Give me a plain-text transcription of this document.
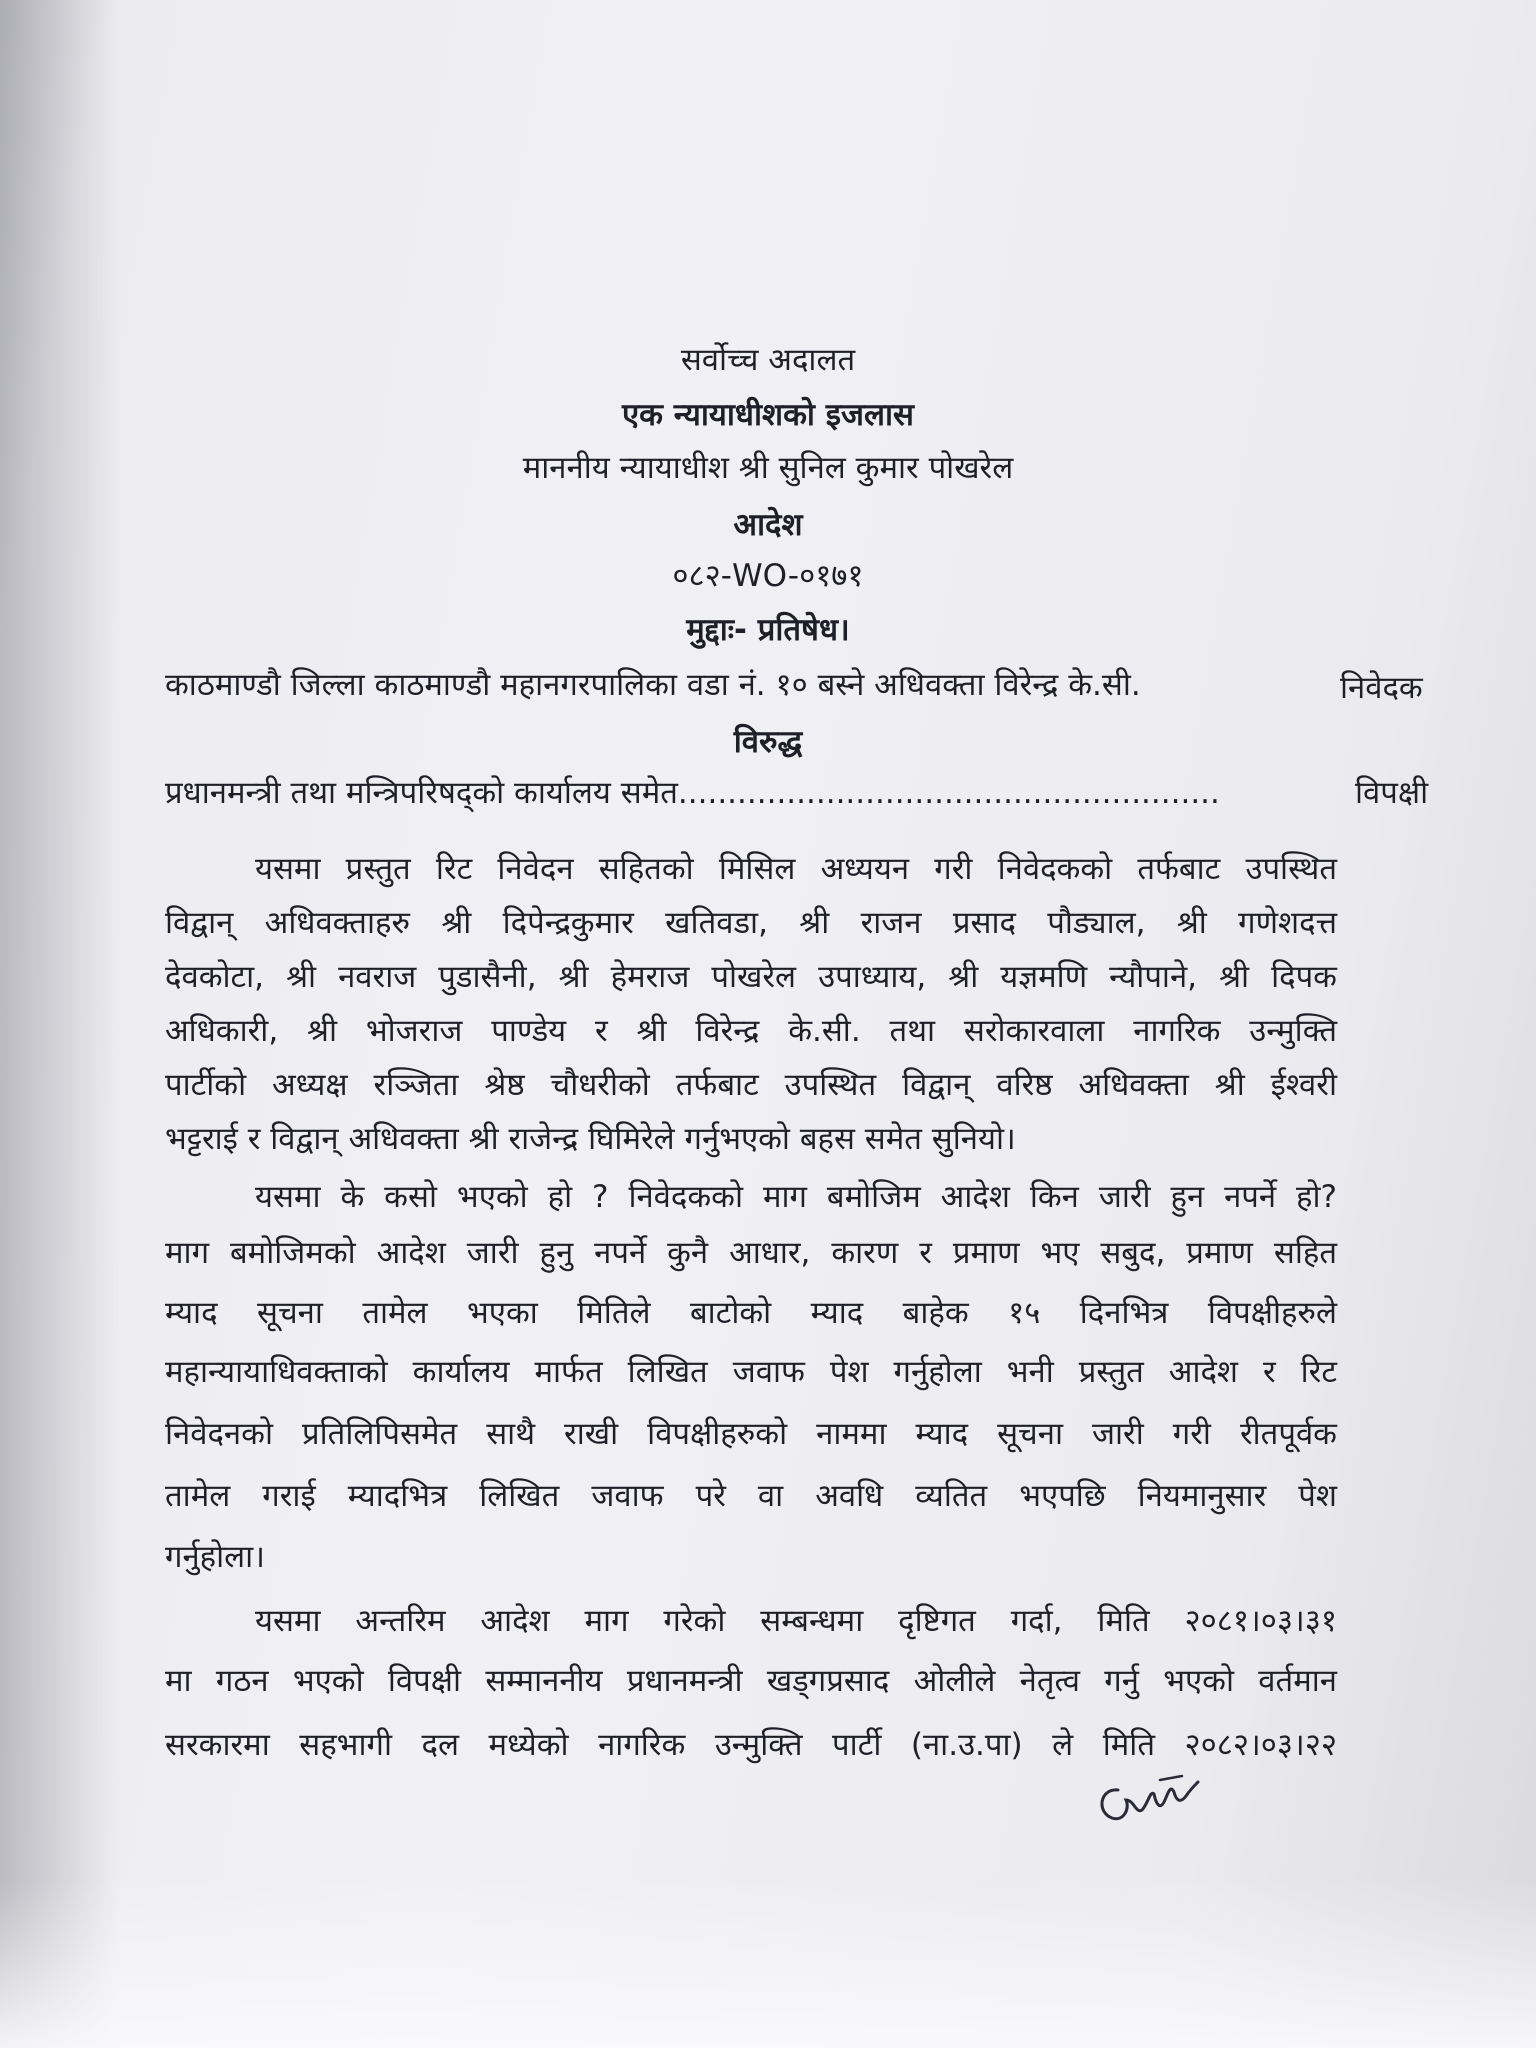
सर्वोच्च अदालत
एक न्यायाधीशको इजलास
माननीय न्यायाधीश श्री सुनिल कुमार पोखरेल
आदेश
०८२-WO-०१७१
मुद्दाः- प्रतिषेध।
काठमाण्डौ जिल्ला काठमाण्डौ महानगरपालिका वडा नं. १० बस्ने अधिवक्ता विरेन्द्र के.सी.	निवेदक
विरुद्ध
प्रधानमन्त्री तथा मन्त्रिपरिषद्को कार्यालय समेत.......................................................	विपक्षी
यसमा प्रस्तुत रिट निवेदन सहितको मिसिल अध्ययन गरी निवेदकको तर्फबाट उपस्थित
विद्वान् अधिवक्ताहरु श्री दिपेन्द्रकुमार खतिवडा, श्री राजन प्रसाद पौड्याल, श्री गणेशदत्त
देवकोटा, श्री नवराज पुडासैनी, श्री हेमराज पोखरेल उपाध्याय, श्री यज्ञमणि न्यौपाने, श्री दिपक
अधिकारी, श्री भोजराज पाण्डेय र श्री विरेन्द्र के.सी. तथा सरोकारवाला नागरिक उन्मुक्ति
पार्टीको अध्यक्ष रञ्जिता श्रेष्ठ चौधरीको तर्फबाट उपस्थित विद्वान् वरिष्ठ अधिवक्ता श्री ईश्वरी
भट्टराई र विद्वान् अधिवक्ता श्री राजेन्द्र घिमिरेले गर्नुभएको बहस समेत सुनियो।
यसमा के कसो भएको हो ? निवेदकको माग बमोजिम आदेश किन जारी हुन नपर्ने हो?
माग बमोजिमको आदेश जारी हुनु नपर्ने कुनै आधार, कारण र प्रमाण भए सबुद, प्रमाण सहित
म्याद सूचना तामेल भएका मितिले बाटोको म्याद बाहेक १५ दिनभित्र विपक्षीहरुले
महान्यायाधिवक्ताको कार्यालय मार्फत लिखित जवाफ पेश गर्नुहोला भनी प्रस्तुत आदेश र रिट
निवेदनको प्रतिलिपिसमेत साथै राखी विपक्षीहरुको नाममा म्याद सूचना जारी गरी रीतपूर्वक
तामेल गराई म्यादभित्र लिखित जवाफ परे वा अवधि व्यतित भएपछि नियमानुसार पेश
गर्नुहोला।
यसमा अन्तरिम आदेश माग गरेको सम्बन्धमा दृष्टिगत गर्दा, मिति २०८१।०३।३१
मा गठन भएको विपक्षी सम्माननीय प्रधानमन्त्री खड्गप्रसाद ओलीले नेतृत्व गर्नु भएको वर्तमान
सरकारमा सहभागी दल मध्येको नागरिक उन्मुक्ति पार्टी (ना.उ.पा) ले मिति २०८२।०३।२२
